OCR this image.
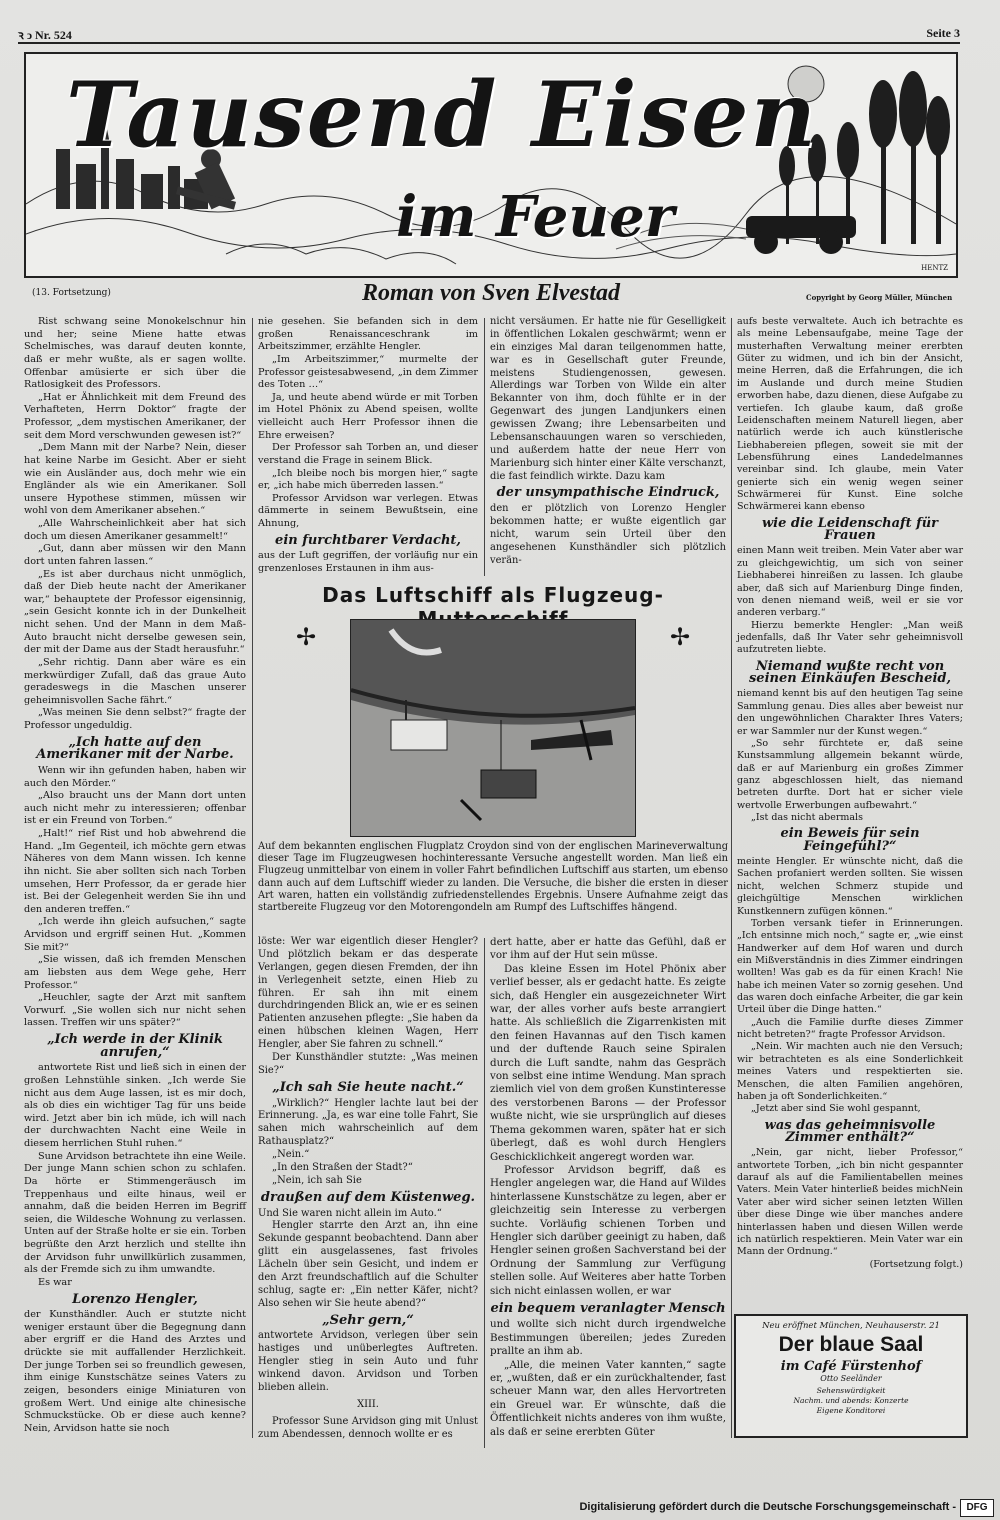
ꝛ ↄ Nr. 524	Seite 3
Tausend Eisen
im Feuer
HENTZ
(13. Fortsetzung)	Roman von Sven Elvestad	Copyright by Georg Müller, München

Rist schwang seine Monokelschnur hin und her; seine Miene hatte etwas Schelmisches, was darauf deuten konnte, daß er mehr wußte, als er sagen wollte. Offenbar amüsierte er sich über die Ratlosigkeit des Professors.

„Hat er Ähnlichkeit mit dem Freund des Verhafteten, Herrn Doktor“ fragte der Professor, „dem mystischen Amerikaner, der seit dem Mord verschwunden gewesen ist?“

„Dem Mann mit der Narbe? Nein, dieser hat keine Narbe im Gesicht. Aber er sieht wie ein Ausländer aus, doch mehr wie ein Engländer als wie ein Amerikaner. Soll unsere Hypothese stimmen, müssen wir wohl von dem Amerikaner absehen.“

„Alle Wahrscheinlichkeit aber hat sich doch um diesen Amerikaner gesammelt!“

„Gut, dann aber müssen wir den Mann dort unten fahren lassen.“

„Es ist aber durchaus nicht unmöglich, daß der Dieb heute nacht der Amerikaner war,“ behauptete der Professor eigensinnig, „sein Gesicht konnte ich in der Dunkelheit nicht sehen. Und der Mann in dem Maß-Auto braucht nicht derselbe gewesen sein, der mit der Dame aus der Stadt herausfuhr.“

„Sehr richtig. Dann aber wäre es ein merkwürdiger Zufall, daß das graue Auto geradeswegs in die Maschen unserer geheimnisvollen Sache fährt.“

„Was meinen Sie denn selbst?“ fragte der Professor ungeduldig.

„Ich hatte auf den Amerikaner mit der Narbe.

Wenn wir ihn gefunden haben, haben wir auch den Mörder.“

„Also braucht uns der Mann dort unten auch nicht mehr zu interessieren; offenbar ist er ein Freund von Torben.“

„Halt!“ rief Rist und hob abwehrend die Hand. „Im Gegenteil, ich möchte gern etwas Näheres von dem Mann wissen. Ich kenne ihn nicht. Sie aber sollten sich nach Torben umsehen, Herr Professor, da er gerade hier ist. Bei der Gelegenheit werden Sie ihn und den anderen treffen.“

„Ich werde ihn gleich aufsuchen,“ sagte Arvidson und ergriff seinen Hut. „Kommen Sie mit?“

„Sie wissen, daß ich fremden Menschen am liebsten aus dem Wege gehe, Herr Professor.“

„Heuchler, sagte der Arzt mit sanftem Vorwurf. „Sie wollen sich nur nicht sehen lassen. Treffen wir uns später?“

„Ich werde in der Klinik anrufen,“

antwortete Rist und ließ sich in einen der großen Lehnstühle sinken. „Ich werde Sie nicht aus dem Auge lassen, ist es mir doch, als ob dies ein wichtiger Tag für uns beide wird. Jetzt aber bin ich müde, ich will nach der durchwachten Nacht eine Weile in diesem herrlichen Stuhl ruhen.“

Sune Arvidson betrachtete ihn eine Weile. Der junge Mann schien schon zu schlafen. Da hörte er Stimmengeräusch im Treppenhaus und eilte hinaus, weil er annahm, daß die beiden Herren im Begriff seien, die Wildesche Wohnung zu verlassen. Unten auf der Straße holte er sie ein. Torben begrüßte den Arzt herzlich und stellte ihn der Arvidson fuhr unwillkürlich zusammen, als der Fremde sich zu ihm umwandte.

Es war

Lorenzo Hengler,

der Kunsthändler. Auch er stutzte nicht weniger erstaunt über die Begegnung dann aber ergriff er die Hand des Arztes und drückte sie mit auffallender Herzlichkeit. Der junge Torben sei so freundlich gewesen, ihm einige Kunstschätze seines Vaters zu zeigen, besonders einige Miniaturen von großem Wert. Und einige alte chinesische Schmuckstücke. Ob er diese auch kenne? Nein, Arvidson hatte sie noch

nie gesehen. Sie befanden sich in dem großen Renaissanceschrank im Arbeitszimmer, erzählte Hengler.

„Im Arbeitszimmer,“ murmelte der Professor geistesabwesend, „in dem Zimmer des Toten …“

Ja, und heute abend würde er mit Torben im Hotel Phönix zu Abend speisen, wollte vielleicht auch Herr Professor ihnen die Ehre erweisen?

Der Professor sah Torben an, und dieser verstand die Frage in seinem Blick.

„Ich bleibe noch bis morgen hier,“ sagte er, „ich habe mich überreden lassen.“

Professor Arvidson war verlegen. Etwas dämmerte in seinem Bewußtsein, eine Ahnung,

ein furchtbarer Verdacht,

aus der Luft gegriffen, der vorläufig nur ein grenzenloses Erstaunen in ihm aus-

nicht versäumen. Er hatte nie für Geselligkeit in öffentlichen Lokalen geschwärmt; wenn er ein einziges Mal daran teilgenommen hatte, war es in Gesellschaft guter Freunde, meistens Studiengenossen, gewesen. Allerdings war Torben von Wilde ein alter Bekannter von ihm, doch fühlte er in der Gegenwart des jungen Landjunkers einen gewissen Zwang; ihre Lebensarbeiten und Lebensanschauungen waren so verschieden, und außerdem hatte der neue Herr von Marienburg sich hinter einer Kälte verschanzt, die fast feindlich wirkte. Dazu kam

der unsympathische Eindruck,

den er plötzlich von Lorenzo Hengler bekommen hatte; er wußte eigentlich gar nicht, warum sein Urteil über den angesehenen Kunsthändler sich plötzlich verän-

aufs beste verwaltete. Auch ich betrachte es als meine Lebensaufgabe, meine Tage der musterhaften Verwaltung meiner ererbten Güter zu widmen, und ich bin der Ansicht, meine Herren, daß die Erfahrungen, die ich im Auslande und durch meine Studien erworben habe, dazu dienen, diese Aufgabe zu vertiefen. Ich glaube kaum, daß große Leidenschaften meinem Naturell liegen, aber natürlich werde ich auch künstlerische Liebhabereien pflegen, soweit sie mit der Lebensführung eines Landedelmannes vereinbar sind. Ich glaube, mein Vater genierte sich ein wenig wegen seiner Schwärmerei für Kunst. Eine solche Schwärmerei kann ebenso

wie die Leidenschaft für Frauen

einen Mann weit treiben. Mein Vater aber war zu gleichgewichtig, um sich von seiner Liebhaberei hinreißen zu lassen. Ich glaube aber, daß sich auf Marienburg Dinge finden, von denen niemand weiß, weil er sie vor anderen verbarg.“

Hierzu bemerkte Hengler: „Man weiß jedenfalls, daß Ihr Vater sehr geheimnisvoll aufzutreten liebte.

Niemand wußte recht von seinen Einkäufen Bescheid,

niemand kennt bis auf den heutigen Tag seine Sammlung genau. Dies alles aber beweist nur den ungewöhnlichen Charakter Ihres Vaters; er war Sammler nur der Kunst wegen.“

„So sehr fürchtete er, daß seine Kunstsammlung allgemein bekannt würde, daß er auf Marienburg ein großes Zimmer ganz abgeschlossen hielt, das niemand betreten durfte. Dort hat er sicher viele wertvolle Erwerbungen aufbewahrt.“

„Ist das nicht abermals

ein Beweis für sein Feingefühl?“

meinte Hengler. Er wünschte nicht, daß die Sachen profaniert werden sollten. Sie wissen nicht, welchen Schmerz stupide und gleichgültige Menschen wirklichen Kunstkennern zufügen können.“

Torben versank tiefer in Erinnerungen. „Ich entsinne mich noch,“ sagte er, „wie einst Handwerker auf dem Hof waren und durch ein Mißverständnis in dies Zimmer eindringen wollten! Was gab es da für einen Krach! Nie habe ich meinen Vater so zornig gesehen. Und das waren doch einfache Arbeiter, die gar kein Urteil über die Dinge hatten.“

„Auch die Familie durfte dieses Zimmer nicht betreten?“ fragte Professor Arvidson.

„Nein. Wir machten auch nie den Versuch; wir betrachteten es als eine Sonderlichkeit meines Vaters und respektierten sie. Menschen, die alten Familien angehören, haben ja oft Sonderlichkeiten.“

„Jetzt aber sind Sie wohl gespannt,

was das geheimnisvolle Zimmer enthält?“

„Nein, gar nicht, lieber Professor,“ antwortete Torben, „ich bin nicht gespannter darauf als auf die Familientabellen meines Vaters. Mein Vater hinterließ beides michNein Vater aber wird sicher seinen letzten Willen über diese Dinge wie über manches andere hinterlassen haben und diesen Willen werde ich natürlich respektieren. Mein Vater war ein Mann der Ordnung.“

(Fortsetzung folgt.)

Das Luftschiff als Flugzeug-
✢	✢
Auf dem bekannten englischen Flugplatz Croydon sind von der englischen Marineverwaltung dieser Tage im Flugzeugwesen hochinteressante Versuche angestellt worden. Man ließ ein Flugzeug unmittelbar von einem in voller Fahrt befindlichen Luftschiff aus starten, um ebenso dann auch auf dem Luftschiff wieder zu landen. Die Versuche, die bisher die ersten in dieser Art waren, hatten ein vollständig zufriedenstellendes Ergebnis. Unsere Aufnahme zeigt das startbereite Flugzeug vor den Motorengondeln am Rumpf des Luftschiffes hängend.

löste: Wer war eigentlich dieser Hengler? Und plötzlich bekam er das desperate Verlangen, gegen diesen Fremden, der ihn in Verlegenheit setzte, einen Hieb zu führen. Er sah ihn mit einem durchdringenden Blick an, wie er es seinen Patienten anzusehen pflegte: „Sie haben da einen hübschen kleinen Wagen, Herr Hengler, aber Sie fahren zu schnell.“

Der Kunsthändler stutzte: „Was meinen Sie?“

„Ich sah Sie heute nacht.“

„Wirklich?“ Hengler lachte laut bei der Erinnerung. „Ja, es war eine tolle Fahrt, Sie sahen mich wahrscheinlich auf dem Rathausplatz?“

„Nein.“

„In den Straßen der Stadt?“

„Nein, ich sah Sie

draußen auf dem Küstenweg.

Und Sie waren nicht allein im Auto.“

Hengler starrte den Arzt an, ihn eine Sekunde gespannt beobachtend. Dann aber glitt ein ausgelassenes, fast frivoles Lächeln über sein Gesicht, und indem er den Arzt freundschaftlich auf die Schulter schlug, sagte er: „Ein netter Käfer, nicht? Also sehen wir Sie heute abend?“

„Sehr gern,“

antwortete Arvidson, verlegen über sein hastiges und unüberlegtes Auftreten. Hengler stieg in sein Auto und fuhr winkend davon. Arvidson und Torben blieben allein.

XIII.

Professor Sune Arvidson ging mit Unlust zum Abendessen, dennoch wollte er es

dert hatte, aber er hatte das Gefühl, daß er vor ihm auf der Hut sein müsse.

Das kleine Essen im Hotel Phönix aber verlief besser, als er gedacht hatte. Es zeigte sich, daß Hengler ein ausgezeichneter Wirt war, der alles vorher aufs beste arrangiert hatte. Als schließlich die Zigarrenkisten mit den feinen Havannas auf den Tisch kamen und der duftende Rauch seine Spiralen durch die Luft sandte, nahm das Gespräch von selbst eine intime Wendung. Man sprach ziemlich viel von dem großen Kunstinteresse des verstorbenen Barons — der Professor wußte nicht, wie sie ursprünglich auf dieses Thema gekommen waren, später hat er sich überlegt, daß es wohl durch Henglers Geschicklichkeit angeregt worden war.

Professor Arvidson begriff, daß es Hengler angelegen war, die Hand auf Wildes hinterlassene Kunstschätze zu legen, aber er gleichzeitig sein Interesse zu verbergen suchte. Vorläufig schienen Torben und Hengler sich darüber geeinigt zu haben, daß Hengler seinen großen Sachverstand bei der Ordnung der Sammlung zur Verfügung stellen solle. Auf Weiteres aber hatte Torben sich nicht einlassen wollen, er war

ein bequem veranlagter Mensch

und wollte sich nicht durch irgendwelche Bestimmungen übereilen; jedes Zureden prallte an ihm ab.

„Alle, die meinen Vater kannten,“ sagte er, „wußten, daß er ein zurückhaltender, fast scheuer Mann war, den alles Hervortreten ein Greuel war. Er wünschte, daß die Öffentlichkeit nichts anderes von ihm wußte, als daß er seine ererbten Güter

Neu eröffnet München, Neuhauserstr. 21
Der blaue Saal
im Café Fürstenhof
Otto Seeländer
Sehenswürdigkeit
Nachm. und abends: Konzerte
Eigene Konditorei
Digitalisierung gefördert durch die Deutsche Forschungsgemeinschaft -	DFG
